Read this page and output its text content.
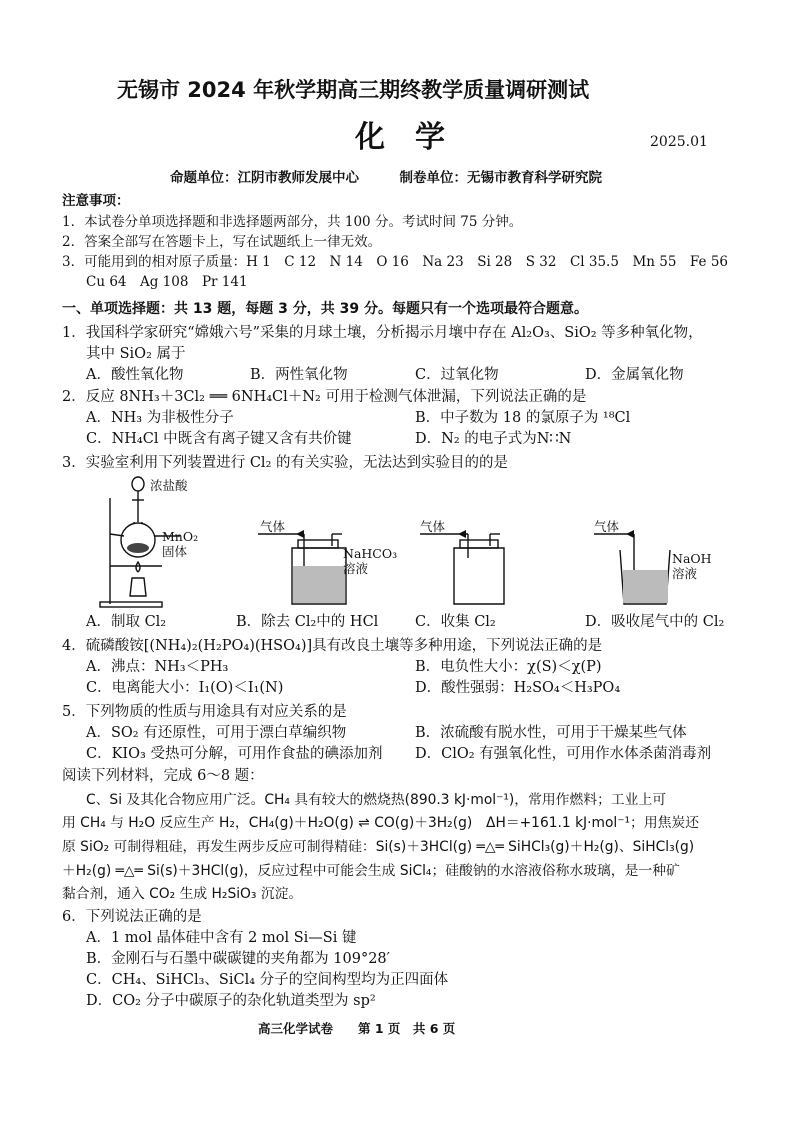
无锡市 2024 年秋学期高三期终教学质量调研测试
化学	2025.01
命题单位：江阴市教师发展中心　　　制卷单位：无锡市教育科学研究院
注意事项：
1．本试卷分单项选择题和非选择题两部分，共 100 分。考试时间 75 分钟。
2．答案全部写在答题卡上，写在试题纸上一律无效。
3．可能用到的相对原子质量：H 1　C 12　N 14　O 16　Na 23　Si 28　S 32　Cl 35.5　Mn 55　Fe 56
Cu 64　Ag 108　Pr 141
一、单项选择题：共 13 题，每题 3 分，共 39 分。每题只有一个选项最符合题意。
1．我国科学家研究“嫦娥六号”采集的月球土壤，分析揭示月壤中存在 Al₂O₃、SiO₂ 等多种氧化物，
其中 SiO₂ 属于
A．酸性氧化物	B．两性氧化物	C．过氧化物	D．金属氧化物
2．反应 8NH₃＋3Cl₂ ══ 6NH₄Cl＋N₂ 可用于检测气体泄漏，下列说法正确的是
A．NH₃ 为非极性分子	B．中子数为 18 的氯原子为 ¹⁸Cl
C．NH₄Cl 中既含有离子键又含有共价键	D．N₂ 的电子式为N∷N
3．实验室利用下列装置进行 Cl₂ 的有关实验，无法达到实验目的的是
浓盐酸
MnO₂
固体
气体
NaHCO₃
溶液
气体	气体
NaOH
溶液
A．制取 Cl₂	B．除去 Cl₂中的 HCl	C．收集 Cl₂	D．吸收尾气中的 Cl₂
4．硫磷酸铵[(NH₄)₂(H₂PO₄)(HSO₄)]具有改良土壤等多种用途，下列说法正确的是
A．沸点：NH₃＜PH₃	B．电负性大小：χ(S)＜χ(P)
C．电离能大小：I₁(O)＜I₁(N)	D．酸性强弱：H₂SO₄＜H₃PO₄
5．下列物质的性质与用途具有对应关系的是
A．SO₂ 有还原性，可用于漂白草编织物	B．浓硫酸有脱水性，可用于干燥某些气体
C．KIO₃ 受热可分解，可用作食盐的碘添加剂 D．ClO₂ 有强氧化性，可用作水体杀菌消毒剂
阅读下列材料，完成 6～8 题：
C、Si 及其化合物应用广泛。CH₄ 具有较大的燃烧热(890.3 kJ·mol⁻¹)，常用作燃料；工业上可
用 CH₄ 与 H₂O 反应生产 H₂，CH₄(g)＋H₂O(g) ⇌ CO(g)＋3H₂(g)　ΔH＝+161.1 kJ·mol⁻¹；用焦炭还
原 SiO₂ 可制得粗硅，再发生两步反应可制得精硅：Si(s)＋3HCl(g) ═△═ SiHCl₃(g)＋H₂(g)、SiHCl₃(g)
＋H₂(g) ═△═ Si(s)＋3HCl(g)，反应过程中可能会生成 SiCl₄；硅酸钠的水溶液俗称水玻璃，是一种矿
黏合剂，通入 CO₂ 生成 H₂SiO₃ 沉淀。
6．下列说法正确的是
A．1 mol 晶体硅中含有 2 mol Si—Si 键
B．金刚石与石墨中碳碳键的夹角都为 109°28′
C．CH₄、SiHCl₃、SiCl₄ 分子的空间构型均为正四面体
D．CO₂ 分子中碳原子的杂化轨道类型为 sp²
高三化学试卷　　第 1 页　共 6 页
